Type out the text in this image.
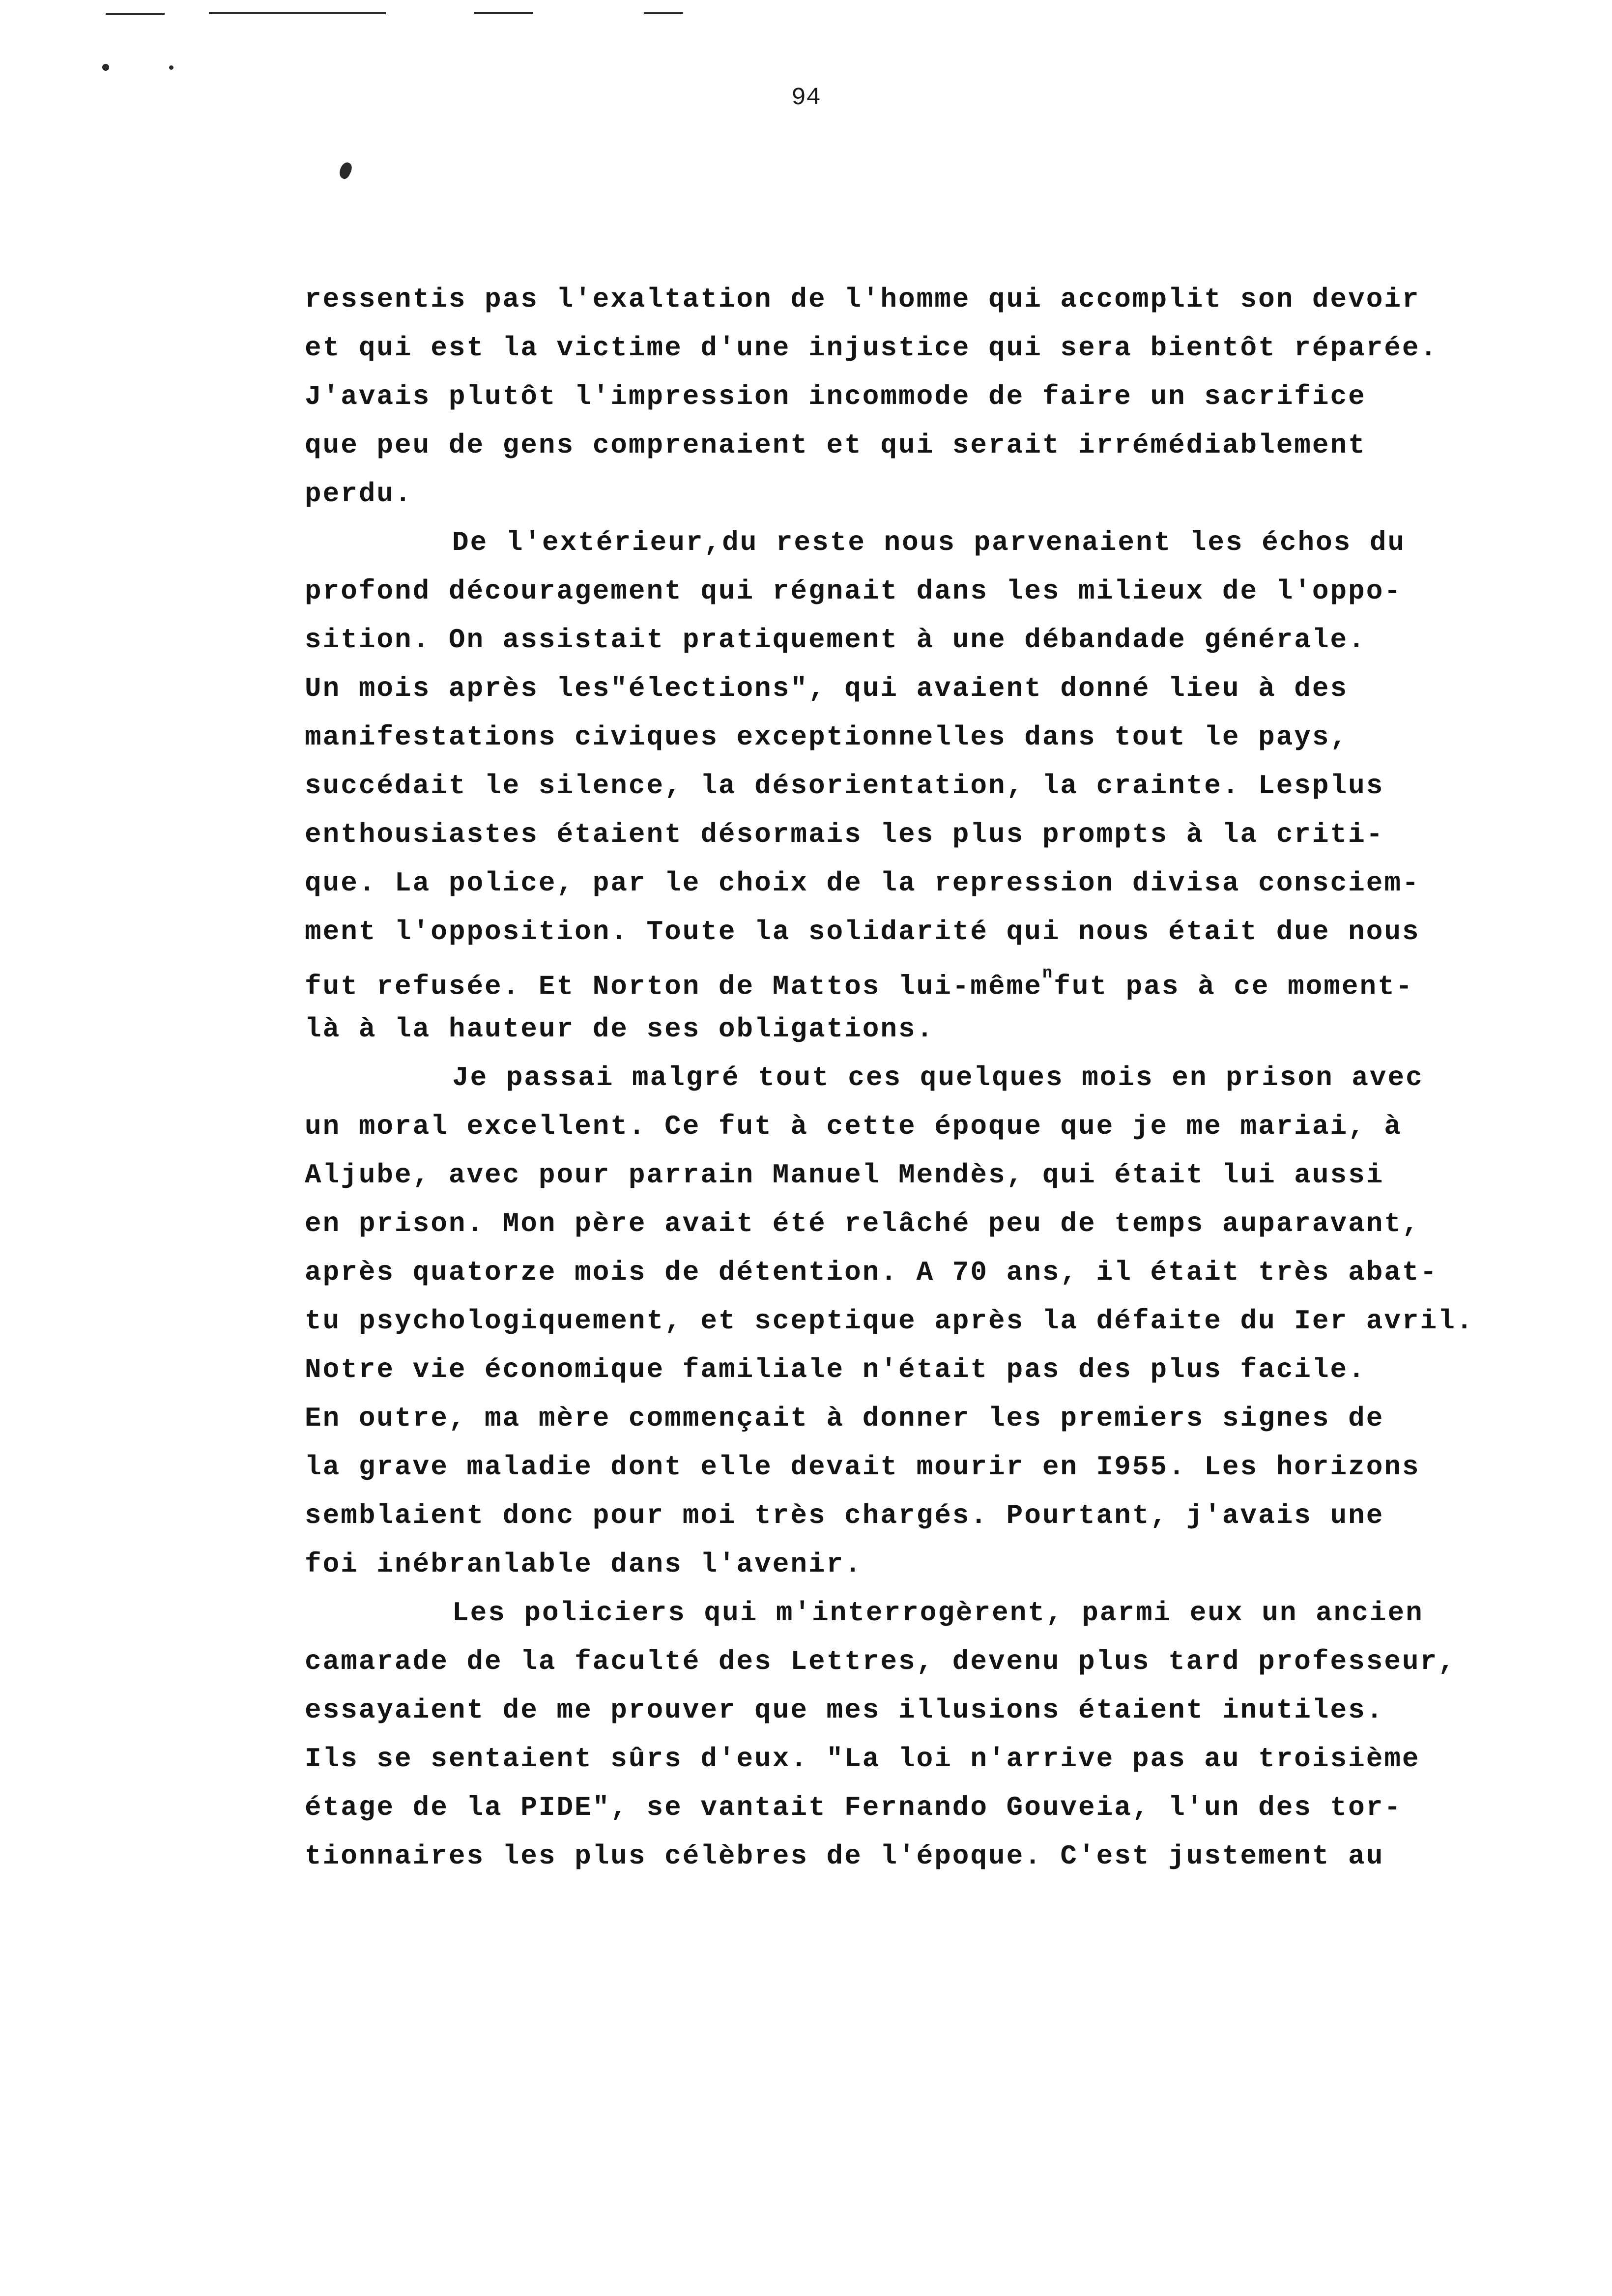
94
ressentis pas l'exaltation de l'homme qui accomplit son devoir
et qui est la victime d'une injustice qui sera bientôt réparée.
J'avais plutôt l'impression incommode de faire un sacrifice
que peu de gens comprenaient et qui serait irrémédiablement
perdu.
De l'extérieur,du reste nous parvenaient les échos du
profond découragement qui régnait dans les milieux de l'oppo-
sition. On assistait pratiquement à une débandade générale.
Un mois après les"élections", qui avaient donné lieu à des
manifestations civiques exceptionnelles dans tout le pays,
succédait le silence, la désorientation, la crainte. Lesplus
enthousiastes étaient désormais les plus prompts à la criti-
que. La police, par le choix de la repression divisa consciem-
ment l'opposition. Toute la solidarité qui nous était due nous
fut refusée. Et Norton de Mattos lui-même$^n$fut pas à ce moment-
là à la hauteur de ses obligations.
Je passai malgré tout ces quelques mois en prison avec
un moral excellent. Ce fut à cette époque que je me mariai, à
Aljube, avec pour parrain Manuel Mendès, qui était lui aussi
en prison. Mon père avait été relâché peu de temps auparavant,
après quatorze mois de détention. A 70 ans, il était très abat-
tu psychologiquement, et sceptique après la défaite du Ier avril.
Notre vie économique familiale n'était pas des plus facile.
En outre, ma mère commençait à donner les premiers signes de
la grave maladie dont elle devait mourir en I955. Les horizons
semblaient donc pour moi très chargés. Pourtant, j'avais une
foi inébranlable dans l'avenir.
Les policiers qui m'interrogèrent, parmi eux un ancien
camarade de la faculté des Lettres, devenu plus tard professeur,
essayaient de me prouver que mes illusions étaient inutiles.
Ils se sentaient sûrs d'eux. "La loi n'arrive pas au troisième
étage de la PIDE", se vantait Fernando Gouveia, l'un des tor-
tionnaires les plus célèbres de l'époque. C'est justement au
